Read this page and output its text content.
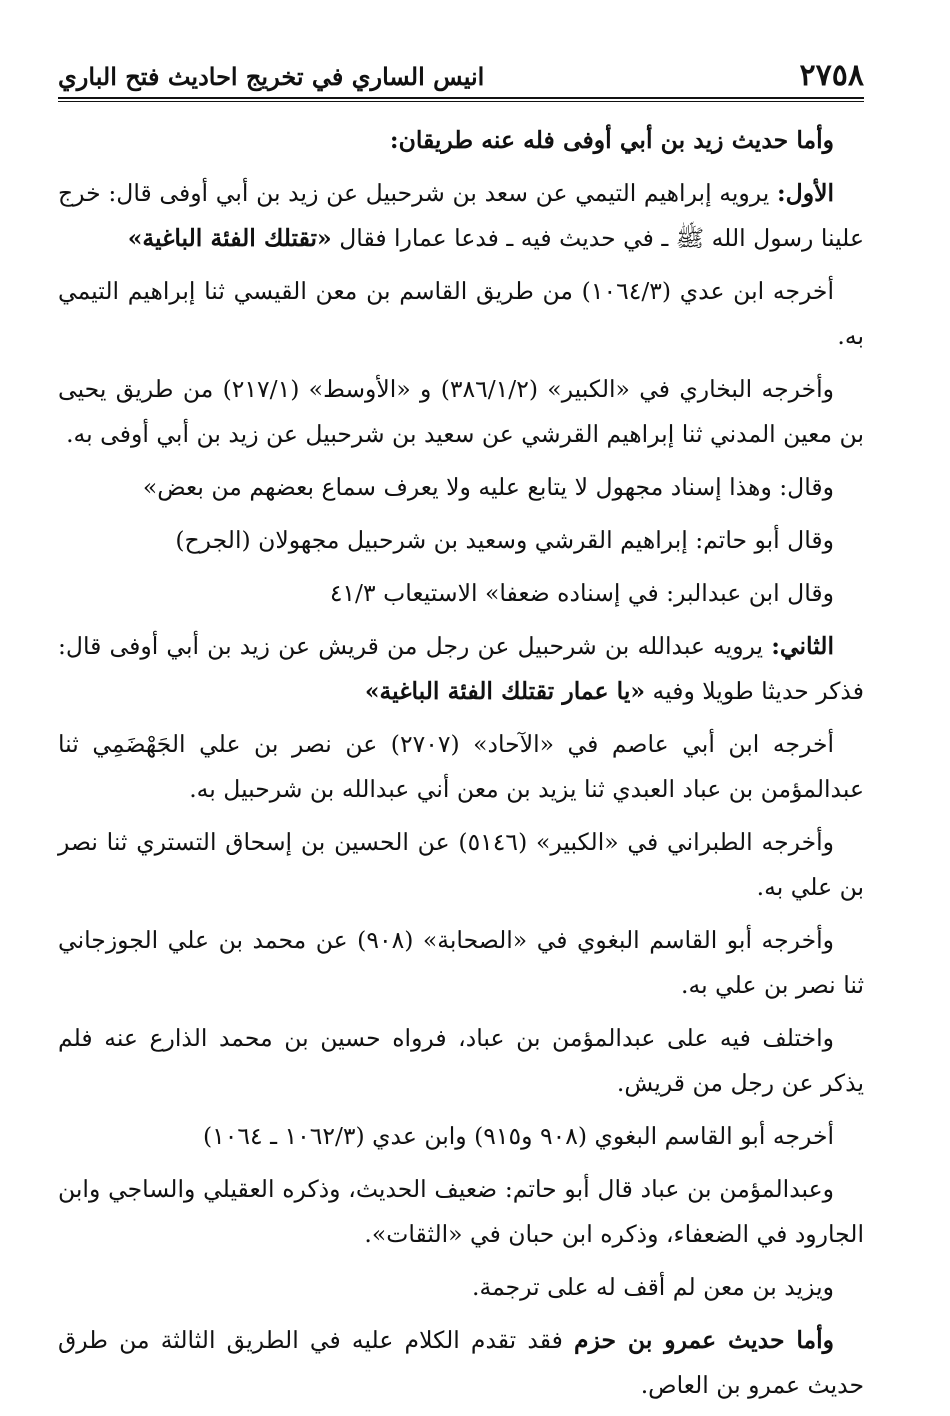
٢٧٥٨
انيس الساري في تخريج احاديث فتح الباري

وأما حديث زيد بن أبي أوفى فله عنه طريقان:

الأول: يرويه إبراهيم التيمي عن سعد بن شرحبيل عن زيد بن أبي أوفى قال: خرج علينا رسول الله ﷺ ـ في حديث فيه ـ فدعا عمارا فقال «تقتلك الفئة الباغية»

أخرجه ابن عدي (١٠٦٤/٣) من طريق القاسم بن معن القيسي ثنا إبراهيم التيمي به.

وأخرجه البخاري في «الكبير» (٣٨٦/١/٢) و «الأوسط» (٢١٧/١) من طريق يحيى بن معين المدني ثنا إبراهيم القرشي عن سعيد بن شرحبيل عن زيد بن أبي أوفى به.

وقال: وهذا إسناد مجهول لا يتابع عليه ولا يعرف سماع بعضهم من بعض»

وقال أبو حاتم: إبراهيم القرشي وسعيد بن شرحبيل مجهولان (الجرح)

وقال ابن عبدالبر: في إسناده ضعفا» الاستيعاب ٤١/٣

الثاني: يرويه عبدالله بن شرحبيل عن رجل من قريش عن زيد بن أبي أوفى قال: فذكر حديثا طويلا وفيه «يا عمار تقتلك الفئة الباغية»

أخرجه ابن أبي عاصم في «الآحاد» (٢٧٠٧) عن نصر بن علي الجَهْضَمِي ثنا عبدالمؤمن بن عباد العبدي ثنا يزيد بن معن أني عبدالله بن شرحبيل به.

وأخرجه الطبراني في «الكبير» (٥١٤٦) عن الحسين بن إسحاق التستري ثنا نصر بن علي به.

وأخرجه أبو القاسم البغوي في «الصحابة» (٩٠٨) عن محمد بن علي الجوزجاني ثنا نصر بن علي به.

واختلف فيه على عبدالمؤمن بن عباد، فرواه حسين بن محمد الذارع عنه فلم يذكر عن رجل من قريش.

أخرجه أبو القاسم البغوي (٩٠٨ و٩١٥) وابن عدي (١٠٦٢/٣ ـ ١٠٦٤)

وعبدالمؤمن بن عباد قال أبو حاتم: ضعيف الحديث، وذكره العقيلي والساجي وابن الجارود في الضعفاء، وذكره ابن حبان في «الثقات».

ويزيد بن معن لم أقف له على ترجمة.

وأما حديث عمرو بن حزم فقد تقدم الكلام عليه في الطريق الثالثة من طرق حديث عمرو بن العاص.
